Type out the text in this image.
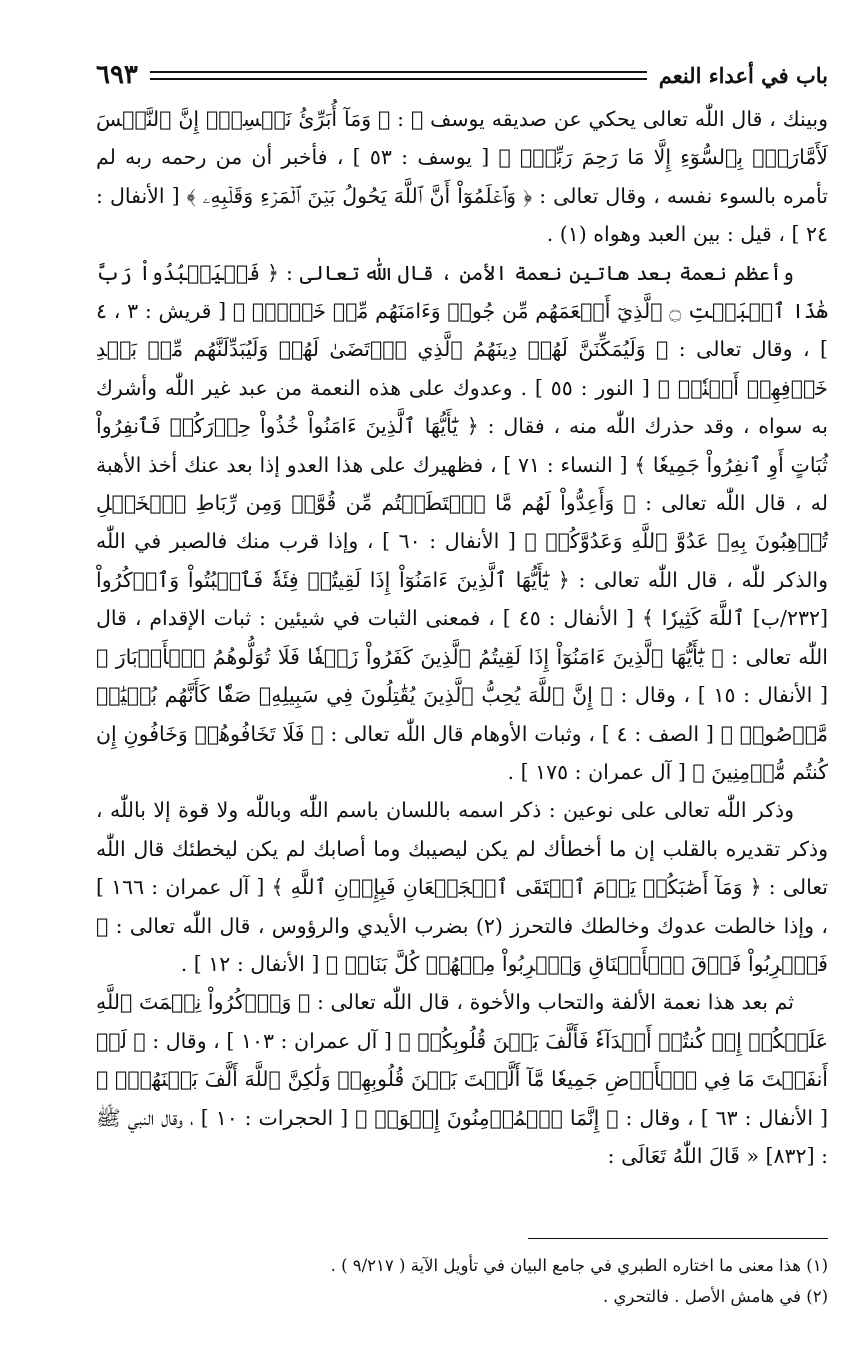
باب في أعداء النعم
٦٩٣

وبينك ، قال اللّٰه تعالى يحكي عن صديقه يوسف ﷺ : ﴿ وَمَآ أُبَرِّئُ نَفۡسِيٓۚ إِنَّ ٱلنَّفۡسَ لَأَمَّارَةُۢ بِٱلسُّوٓءِ إِلَّا مَا رَحِمَ رَبِّيٓۚ ﴾ [ يوسف : ٥٣ ] ، فأخبر أن من رحمه ربه لم تأمره بالسوء نفسه ، وقال تعالى : ﴿ وَٱعۡلَمُوٓاْ أَنَّ ٱللَّهَ يَحُولُ بَيۡنَ ٱلۡمَرۡءِ وَقَلۡبِهِۦ ﴾ [ الأنفال : ٢٤ ] ، قيل : بين العبد وهواه (١) .

وأعظم نعمة بعد هاتين نعمة الأمن ، قال اللّٰه تعالى : ﴿ فَلۡيَعۡبُدُواْ رَبَّ هَٰذَا ٱلۡبَيۡتِ ۝ ٱلَّذِيٓ أَطۡعَمَهُم مِّن جُوعٖ وَءَامَنَهُم مِّنۡ خَوۡفِۭ ﴾ [ قريش : ٣ ، ٤ ] ، وقال تعالى : ﴿ وَلَيُمَكِّنَنَّ لَهُمۡ دِينَهُمُ ٱلَّذِي ٱرۡتَضَىٰ لَهُمۡ وَلَيُبَدِّلَنَّهُم مِّنۢ بَعۡدِ خَوۡفِهِمۡ أَمۡنٗاۚ ﴾ [ النور : ٥٥ ] . وعدوك على هذه النعمة من عبد غير اللّٰه وأشرك به سواه ، وقد حذرك اللّٰه منه ، فقال : ﴿ يَٰٓأَيُّهَا ٱلَّذِينَ ءَامَنُواْ خُذُواْ حِذۡرَكُمۡ فَٱنفِرُواْ ثُبَاتٍ أَوِ ٱنفِرُواْ جَمِيعٗا ﴾ [ النساء : ٧١ ] ، فظهيرك على هذا العدو إذا بعد عنك أخذ الأهبة له ، قال اللّٰه تعالى : ﴿ وَأَعِدُّواْ لَهُم مَّا ٱسۡتَطَعۡتُم مِّن قُوَّةٖ وَمِن رِّبَاطِ ٱلۡخَيۡلِ تُرۡهِبُونَ بِهِۦ عَدُوَّ ٱللَّهِ وَعَدُوَّكُمۡ ﴾ [ الأنفال : ٦٠ ] ، وإذا قرب منك فالصبر في اللّٰه والذكر للّٰه ، قال اللّٰه تعالى : ﴿ يَٰٓأَيُّهَا ٱلَّذِينَ ءَامَنُوٓاْ إِذَا لَقِيتُمۡ فِئَةٗ فَٱثۡبُتُواْ وَٱذۡكُرُواْ [٢٣٢/ب] ٱللَّهَ كَثِيرٗا ﴾ [ الأنفال : ٤٥ ] ، فمعنى الثبات في شيئين : ثبات الإقدام ، قال اللّٰه تعالى : ﴿ يَٰٓأَيُّهَا ٱلَّذِينَ ءَامَنُوٓاْ إِذَا لَقِيتُمُ ٱلَّذِينَ كَفَرُواْ زَحۡفٗا فَلَا تُوَلُّوهُمُ ٱلۡأَدۡبَارَ ﴾ [ الأنفال : ١٥ ] ، وقال : ﴿ إِنَّ ٱللَّهَ يُحِبُّ ٱلَّذِينَ يُقَٰتِلُونَ فِي سَبِيلِهِۦ صَفّٗا كَأَنَّهُم بُنۡيَٰنٞ مَّرۡصُوصٞ ﴾ [ الصف : ٤ ] ، وثبات الأوهام قال اللّٰه تعالى : ﴿ فَلَا تَخَافُوهُمۡ وَخَافُونِ إِن كُنتُم مُّؤۡمِنِينَ ﴾ [ آل عمران : ١٧٥ ] .

وذكر اللّٰه تعالى على نوعين : ذكر اسمه باللسان باسم اللّٰه وباللّٰه ولا قوة إلا باللّٰه ، وذكر تقديره بالقلب إن ما أخطأك لم يكن ليصيبك وما أصابك لم يكن ليخطئك قال اللّٰه تعالى : ﴿ وَمَآ أَصَٰبَكُمۡ يَوۡمَ ٱلۡتَقَى ٱلۡجَمۡعَانِ فَبِإِذۡنِ ٱللَّهِ ﴾ [ آل عمران : ١٦٦ ] ، وإذا خالطت عدوك وخالطك فالتحرز (٢) بضرب الأيدي والرؤوس ، قال اللّٰه تعالى : ﴿ فَٱضۡرِبُواْ فَوۡقَ ٱلۡأَعۡنَاقِ وَٱضۡرِبُواْ مِنۡهُمۡ كُلَّ بَنَانٖ ﴾ [ الأنفال : ١٢ ] .

ثم بعد هذا نعمة الألفة والتحاب والأخوة ، قال اللّٰه تعالى : ﴿ وَٱذۡكُرُواْ نِعۡمَتَ ٱللَّهِ عَلَيۡكُمۡ إِذۡ كُنتُمۡ أَعۡدَآءٗ فَأَلَّفَ بَيۡنَ قُلُوبِكُمۡ ﴾ [ آل عمران : ١٠٣ ] ، وقال : ﴿ لَوۡ أَنفَقۡتَ مَا فِي ٱلۡأَرۡضِ جَمِيعٗا مَّآ أَلَّفۡتَ بَيۡنَ قُلُوبِهِمۡ وَلَٰكِنَّ ٱللَّهَ أَلَّفَ بَيۡنَهُمۡۚ ﴾ [ الأنفال : ٦٣ ] ، وقال : ﴿ إِنَّمَا ٱلۡمُؤۡمِنُونَ إِخۡوَةٞ ﴾ [ الحجرات : ١٠ ] ، وقال النبي ﷺ : [٨٣٢] « قَالَ اللّٰهُ تَعَالَى :

(١) هذا معنى ما اختاره الطبري في جامع البيان في تأويل الآية ( ٩/٢١٧ ) .

(٢) في هامش الأصل . فالتحري .
